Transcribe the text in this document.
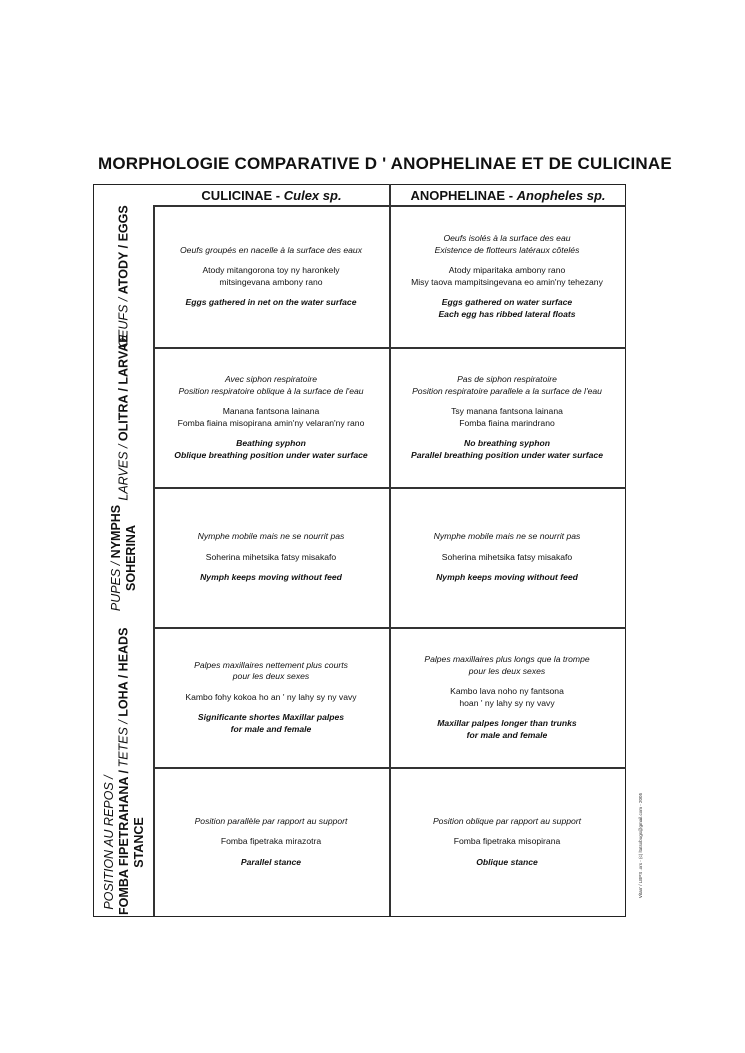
MORPHOLOGIE COMPARATIVE D ' ANOPHELINAE ET DE CULICINAE
CULICINAE - Culex sp.	ANOPHELINAE - Anopheles sp.
OEUFS / ATODY / EGGS
LARVES / OLITRA / LARVAE
PUPES / NYMPHS
SOHERINA
TETES / LOHA / HEADS
POSITION AU REPOS /
FOMBA FIPETRAHANA /
STANCE
Oeufs groupés en nacelle à la surface des eaux
Atody mitangorona toy ny haronkely
mitsingevana ambony rano
Eggs gathered in net on the water surface
Oeufs isolés à la surface des eau
Existence de flotteurs latéraux côtelés
Atody miparitaka ambony rano
Misy taova mampitsingevana eo amin'ny tehezany
Eggs gathered on water surface
Each egg has ribbed lateral floats
Avec siphon respiratoire
Position respiratoire oblique à la surface de l'eau
Manana fantsona lainana
Fomba fiaina misopirana amin'ny velaran'ny rano
Beathing syphon
Oblique breathing position under water surface
Pas de siphon respiratoire
Position respiratoire parallele a la surface de l'eau
Tsy manana fantsona lainana
Fomba fiaina marindrano
No breathing syphon
Parallel breathing position under water surface
Nymphe mobile mais ne se nourrit pas
Soherina mihetsika fatsy misakafo
Nymph keeps moving without feed
Nymphe mobile mais ne se nourrit pas
Soherina mihetsika fatsy misakafo
Nymph keeps moving without feed
Palpes maxillaires nettement plus courts
pour les deux sexes
Kambo fohy kokoa ho an ' ny lahy sy ny vavy
Significante shortes Maxillar palpes
for male and female
Palpes maxillaires plus longs que la trompe
pour les deux sexes
Kambo lava noho ny fantsona
hoan ' ny lahy sy ny vavy
Maxillar palpes longer than trunks
for male and female
Position parallèle par rapport au support
Fomba fipetraka mirazotra
Parallel stance
Position oblique par rapport au support
Fomba fipetraka misopirana
Oblique stance	Vitan' / LBPS .ors - (c) ltatsobugs@gmail.com - 2005
